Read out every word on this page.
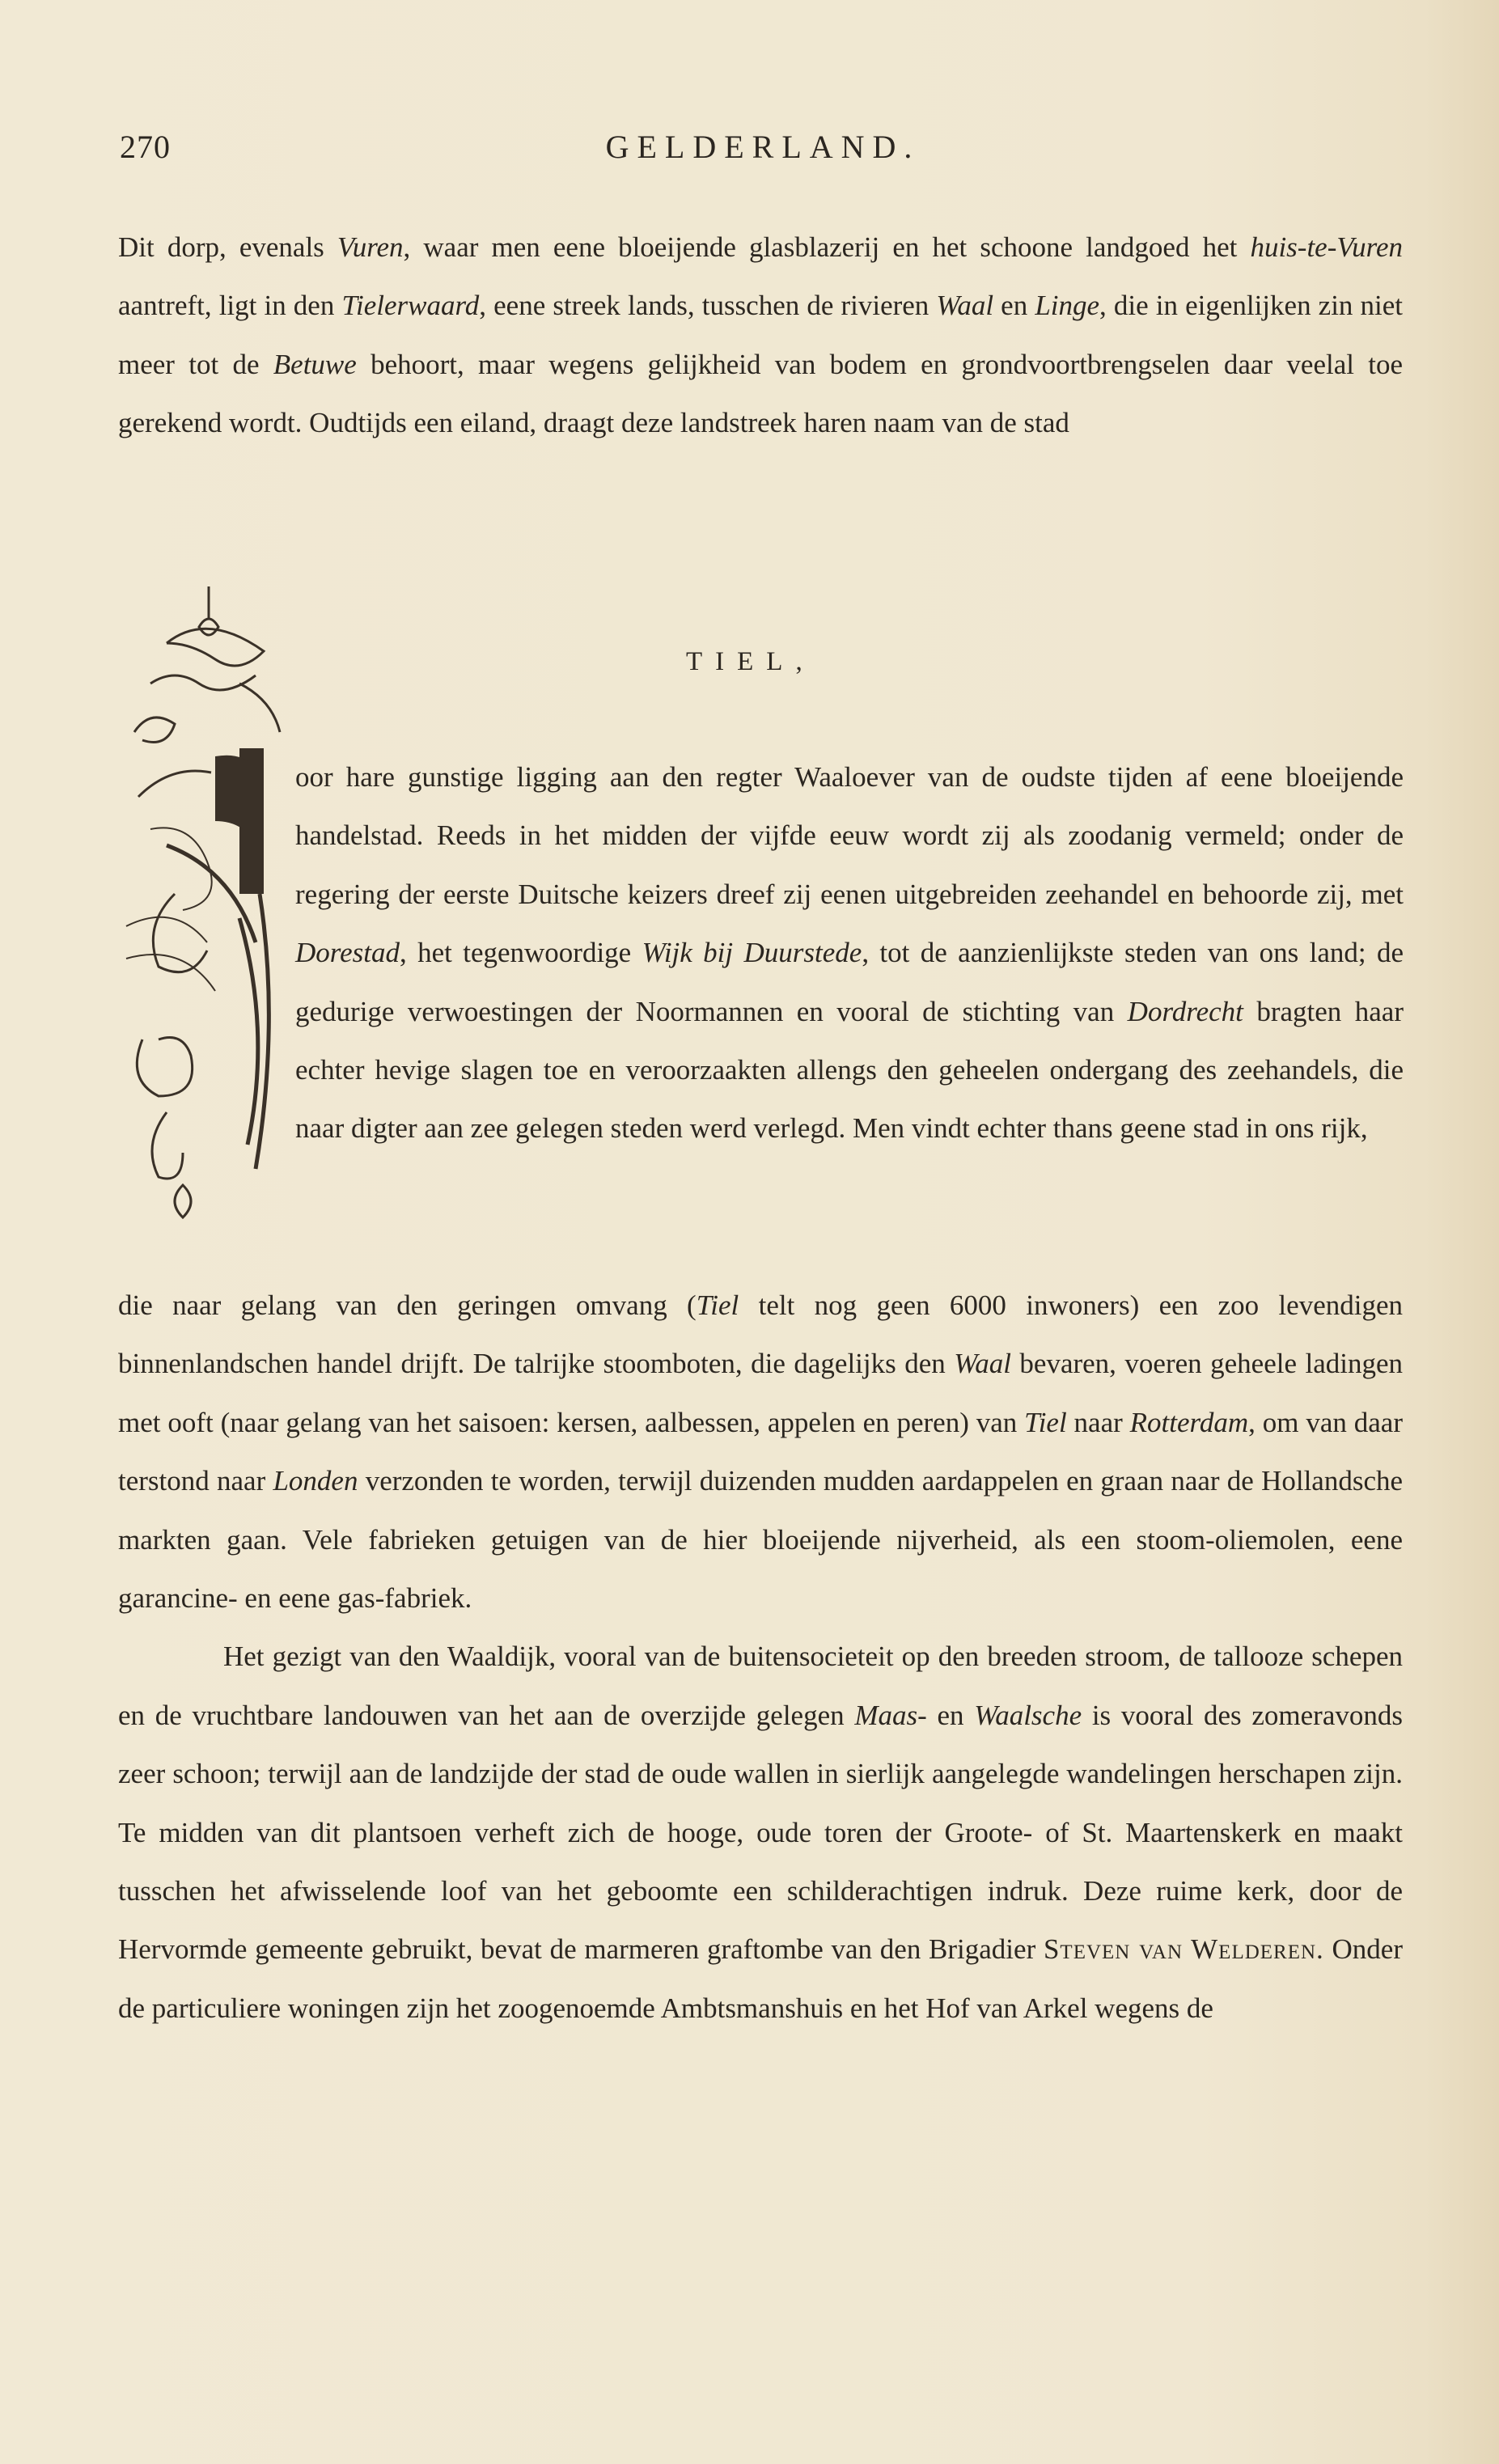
270	GELDERLAND.

Dit dorp, evenals Vuren, waar men eene bloeijende glasblazerij en het schoone landgoed het huis-te-Vuren aantreft, ligt in den Tielerwaard, eene streek lands, tusschen de rivieren Waal en Linge, die in eigenlijken zin niet meer tot de Betuwe behoort, maar wegens gelijkheid van bodem en grondvoortbrengselen daar veelal toe gerekend wordt. Oudtijds een eiland, draagt deze landstreek haren naam van de stad

TIEL,

oor hare gunstige ligging aan den regter Waaloever van de oudste tijden af eene bloeijende handelstad. Reeds in het midden der vijfde eeuw wordt zij als zoodanig vermeld; onder de regering der eerste Duitsche keizers dreef zij eenen uitgebreiden zeehandel en behoorde zij, met Dorestad, het tegenwoordige Wijk bij Duurstede, tot de aanzienlijkste steden van ons land; de gedurige verwoestingen der Noormannen en vooral de stichting van Dordrecht bragten haar echter hevige slagen toe en veroorzaakten allengs den geheelen ondergang des zeehandels, die naar digter aan zee gelegen steden werd verlegd. Men vindt echter thans geene stad in ons rijk,

die naar gelang van den geringen omvang (Tiel telt nog geen 6000 inwoners) een zoo levendigen binnenlandschen handel drijft. De talrijke stoomboten, die dagelijks den Waal bevaren, voeren geheele ladingen met ooft (naar gelang van het saisoen: kersen, aalbessen, appelen en peren) van Tiel naar Rotterdam, om van daar terstond naar Londen verzonden te worden, terwijl duizenden mudden aardappelen en graan naar de Hollandsche markten gaan. Vele fabrieken getuigen van de hier bloeijende nijverheid, als een stoom-oliemolen, eene garancine- en eene gas-fabriek.

Het gezigt van den Waaldijk, vooral van de buitensocieteit op den breeden stroom, de tallooze schepen en de vruchtbare landouwen van het aan de overzijde gelegen Maas- en Waalsche is vooral des zomeravonds zeer schoon; terwijl aan de landzijde der stad de oude wallen in sierlijk aangelegde wandelingen herschapen zijn. Te midden van dit plantsoen verheft zich de hooge, oude toren der Groote- of St. Maartenskerk en maakt tusschen het afwisselende loof van het geboomte een schilderachtigen indruk. Deze ruime kerk, door de Hervormde gemeente gebruikt, bevat de marmeren graftombe van den Brigadier Steven van Welderen. Onder de particuliere woningen zijn het zoogenoemde Ambtsmanshuis en het Hof van Arkel wegens de
